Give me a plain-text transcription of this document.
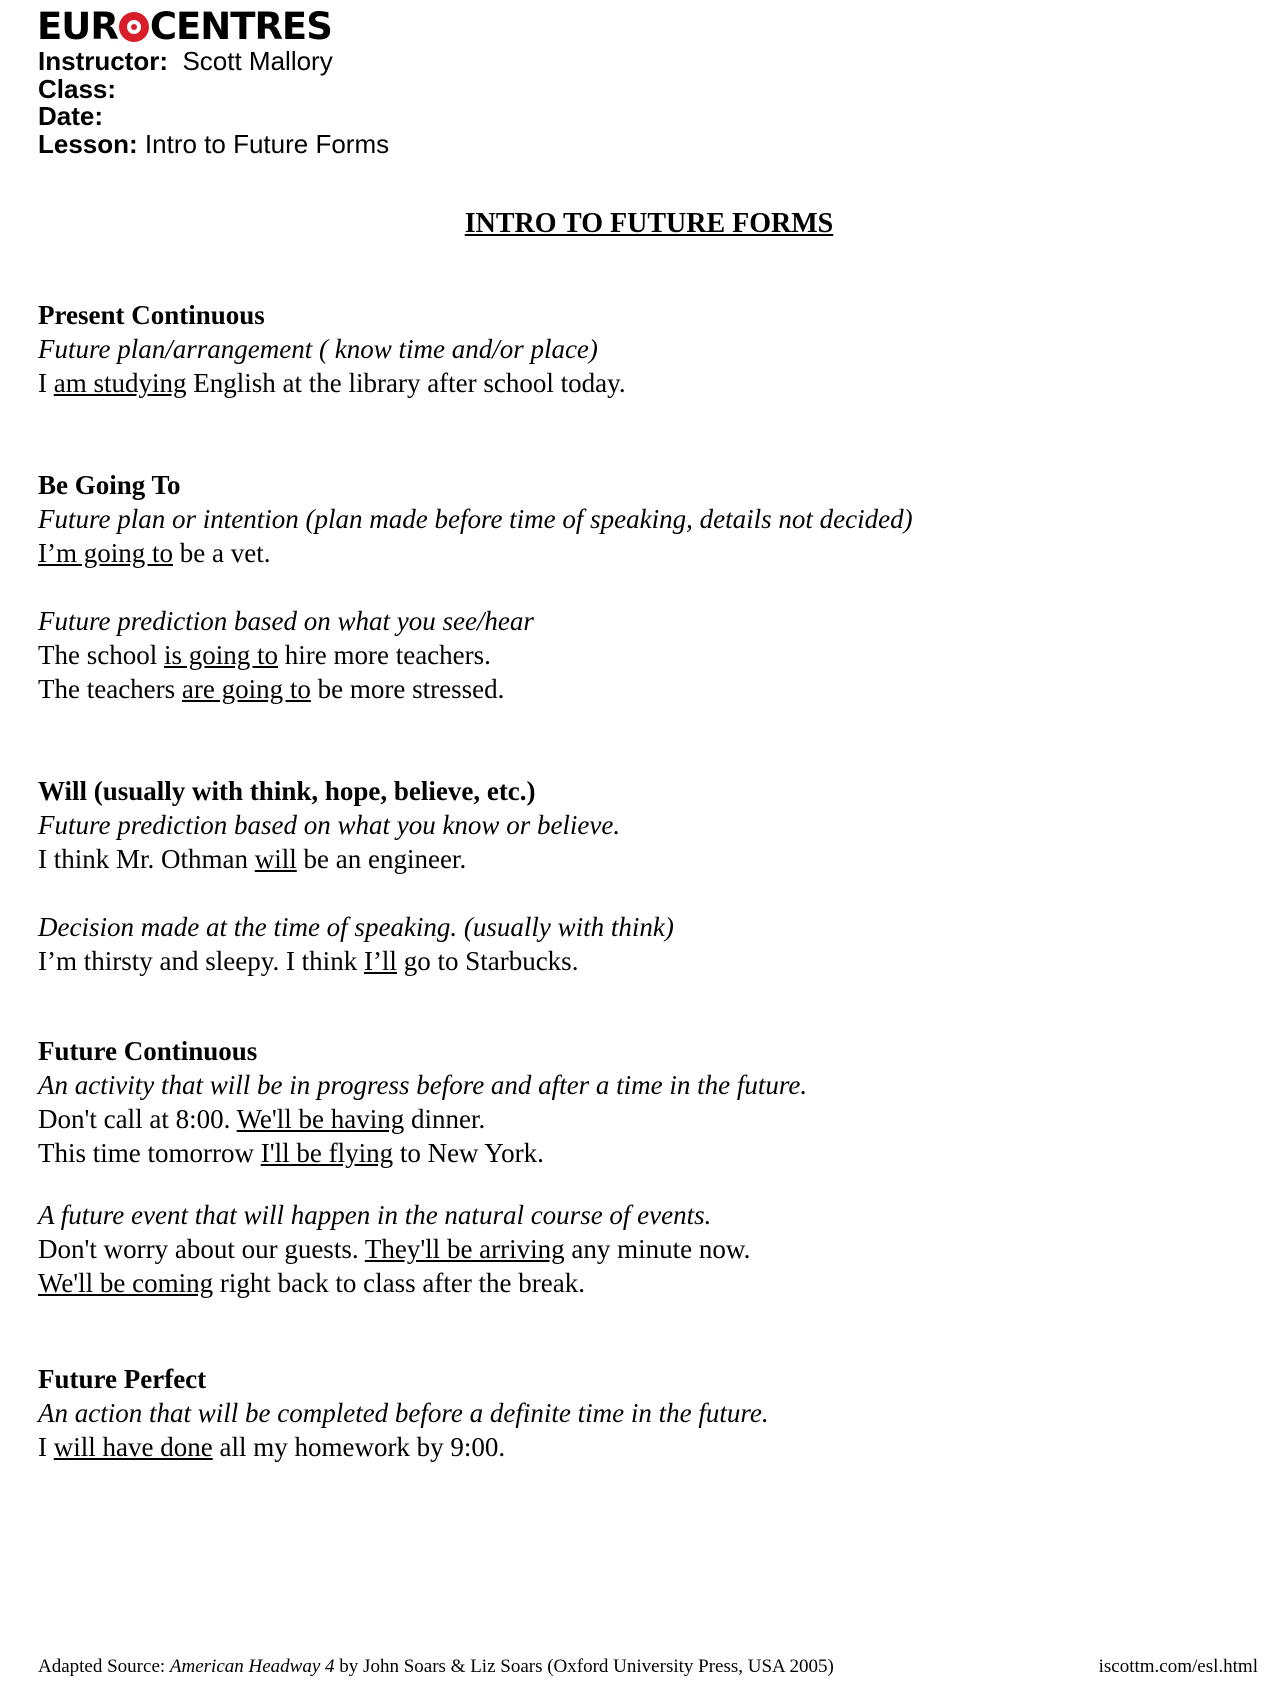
EUR CENTRES
Instructor: Scott Mallory
Class:
Date:
Lesson: Intro to Future Forms
INTRO TO FUTURE FORMS
Present Continuous
Future plan/arrangement ( know time and/or place)
I am studying English at the library after school today.
Be Going To
Future plan or intention (plan made before time of speaking, details not decided)
I’m going to be a vet.
Future prediction based on what you see/hear
The school is going to hire more teachers.
The teachers are going to be more stressed.
Will (usually with think, hope, believe, etc.)
Future prediction based on what you know or believe.
I think Mr. Othman will be an engineer.
Decision made at the time of speaking. (usually with think)
I’m thirsty and sleepy. I think I’ll go to Starbucks.
Future Continuous
An activity that will be in progress before and after a time in the future.
Don't call at 8:00. We'll be having dinner.
This time tomorrow I'll be flying to New York.
A future event that will happen in the natural course of events.
Don't worry about our guests. They'll be arriving any minute now.
We'll be coming right back to class after the break.
Future Perfect
An action that will be completed before a definite time in the future.
I will have done all my homework by 9:00.
Adapted Source: American Headway 4 by John Soars & Liz Soars (Oxford University Press, USA 2005)	iscottm.com/esl.html
